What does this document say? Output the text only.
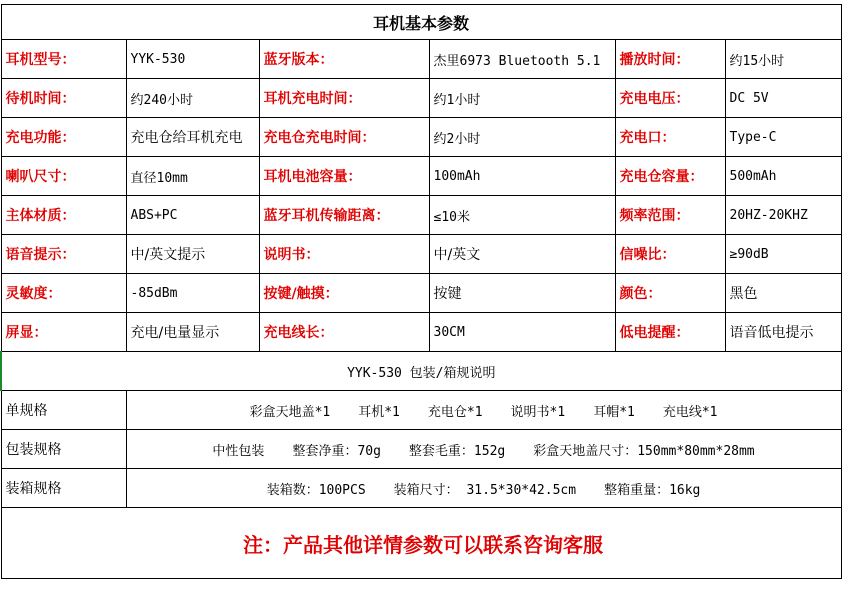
耳机基本参数					
耳机型号：	YYK-530	蓝牙版本：	杰里6973 Bluetooth 5.1	播放时间：	约15小时
待机时间：	约240小时	耳机充电时间：	约1小时	充电电压：	DC 5V
充电功能：	充电仓给耳机充电	充电仓充电时间：	约2小时	充电口：	Type-C
喇叭尺寸：	直径10mm	耳机电池容量：	100mAh	充电仓容量：	500mAh
主体材质：	ABS+PC	蓝牙耳机传输距离：	≤10米	频率范围：	20HZ-20KHZ
语音提示：	中/英文提示	说明书：	中/英文	信噪比：	≥90dB
灵敏度：	-85dBm	按键/触摸：	按键	颜色：	黑色
屏显：	充电/电量显示	充电线长：	30CM	低电提醒：	语音低电提示
YYK-530 包装/箱规说明					
单规格	彩盒天地盖*1 耳机*1 充电仓*1 说明书*1 耳帽*1 充电线*1				
包装规格	中性包装 整套净重：70g 整套毛重：152g 彩盒天地盖尺寸：150mm*80mm*28mm				
装箱规格	装箱数：100PCS 装箱尺寸： 31.5*30*42.5cm 整箱重量：16kg				
注：产品其他详情参数可以联系咨询客服					
